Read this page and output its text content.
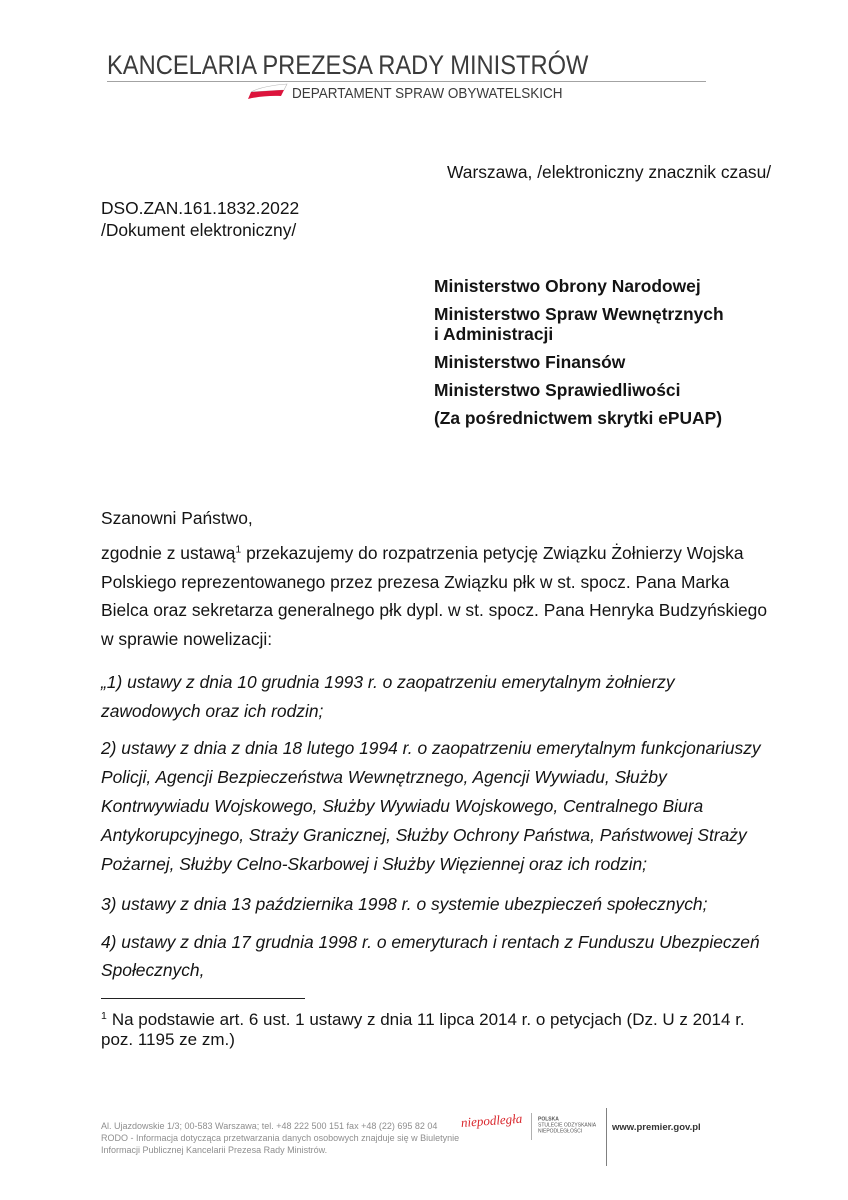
KANCELARIA PREZESA RADY MINISTRÓW
DEPARTAMENT SPRAW OBYWATELSKICH
Warszawa, /elektroniczny znacznik czasu/
DSO.ZAN.161.1832.2022
/Dokument elektroniczny/
Ministerstwo Obrony Narodowej
Ministerstwo Spraw Wewnętrznych
i Administracji
Ministerstwo Finansów
Ministerstwo Sprawiedliwości
(Za pośrednictwem skrytki ePUAP)
Szanowni Państwo,
zgodnie z ustawą$^1$ przekazujemy do rozpatrzenia petycję Związku Żołnierzy Wojska
Polskiego reprezentowanego przez prezesa Związku płk w st. spocz. Pana Marka
Bielca oraz sekretarza generalnego płk dypl. w st. spocz. Pana Henryka Budzyńskiego
w sprawie nowelizacji:
„1) ustawy z dnia 10 grudnia 1993 r. o zaopatrzeniu emerytalnym żołnierzy
zawodowych oraz ich rodzin;
2) ustawy z dnia z dnia 18 lutego 1994 r. o zaopatrzeniu emerytalnym funkcjonariuszy
Policji, Agencji Bezpieczeństwa Wewnętrznego, Agencji Wywiadu, Służby
Kontrwywiadu Wojskowego, Służby Wywiadu Wojskowego, Centralnego Biura
Antykorupcyjnego, Straży Granicznej, Służby Ochrony Państwa, Państwowej Straży
Pożarnej, Służby Celno-Skarbowej i Służby Więziennej oraz ich rodzin;
3) ustawy z dnia 13 października 1998 r. o systemie ubezpieczeń społecznych;
4) ustawy z dnia 17 grudnia 1998 r. o emeryturach i rentach z Funduszu Ubezpieczeń
Społecznych,
$^1$ Na podstawie art. 6 ust. 1 ustawy z dnia 11 lipca 2014 r. o petycjach (Dz. U z 2014 r.
poz. 1195 ze zm.)
Al. Ujazdowskie 1/3; 00-583 Warszawa; tel. +48 222 500 151 fax +48 (22) 695 82 04
RODO - Informacja dotycząca przetwarzania danych osobowych znajduje się w Biuletynie
Informacji Publicznej Kancelarii Prezesa Rady Ministrów.
niepodległa	POLSKA
STULECIE ODZYSKANIA
NIEPODLEGŁOŚCI	www.premier.gov.pl
